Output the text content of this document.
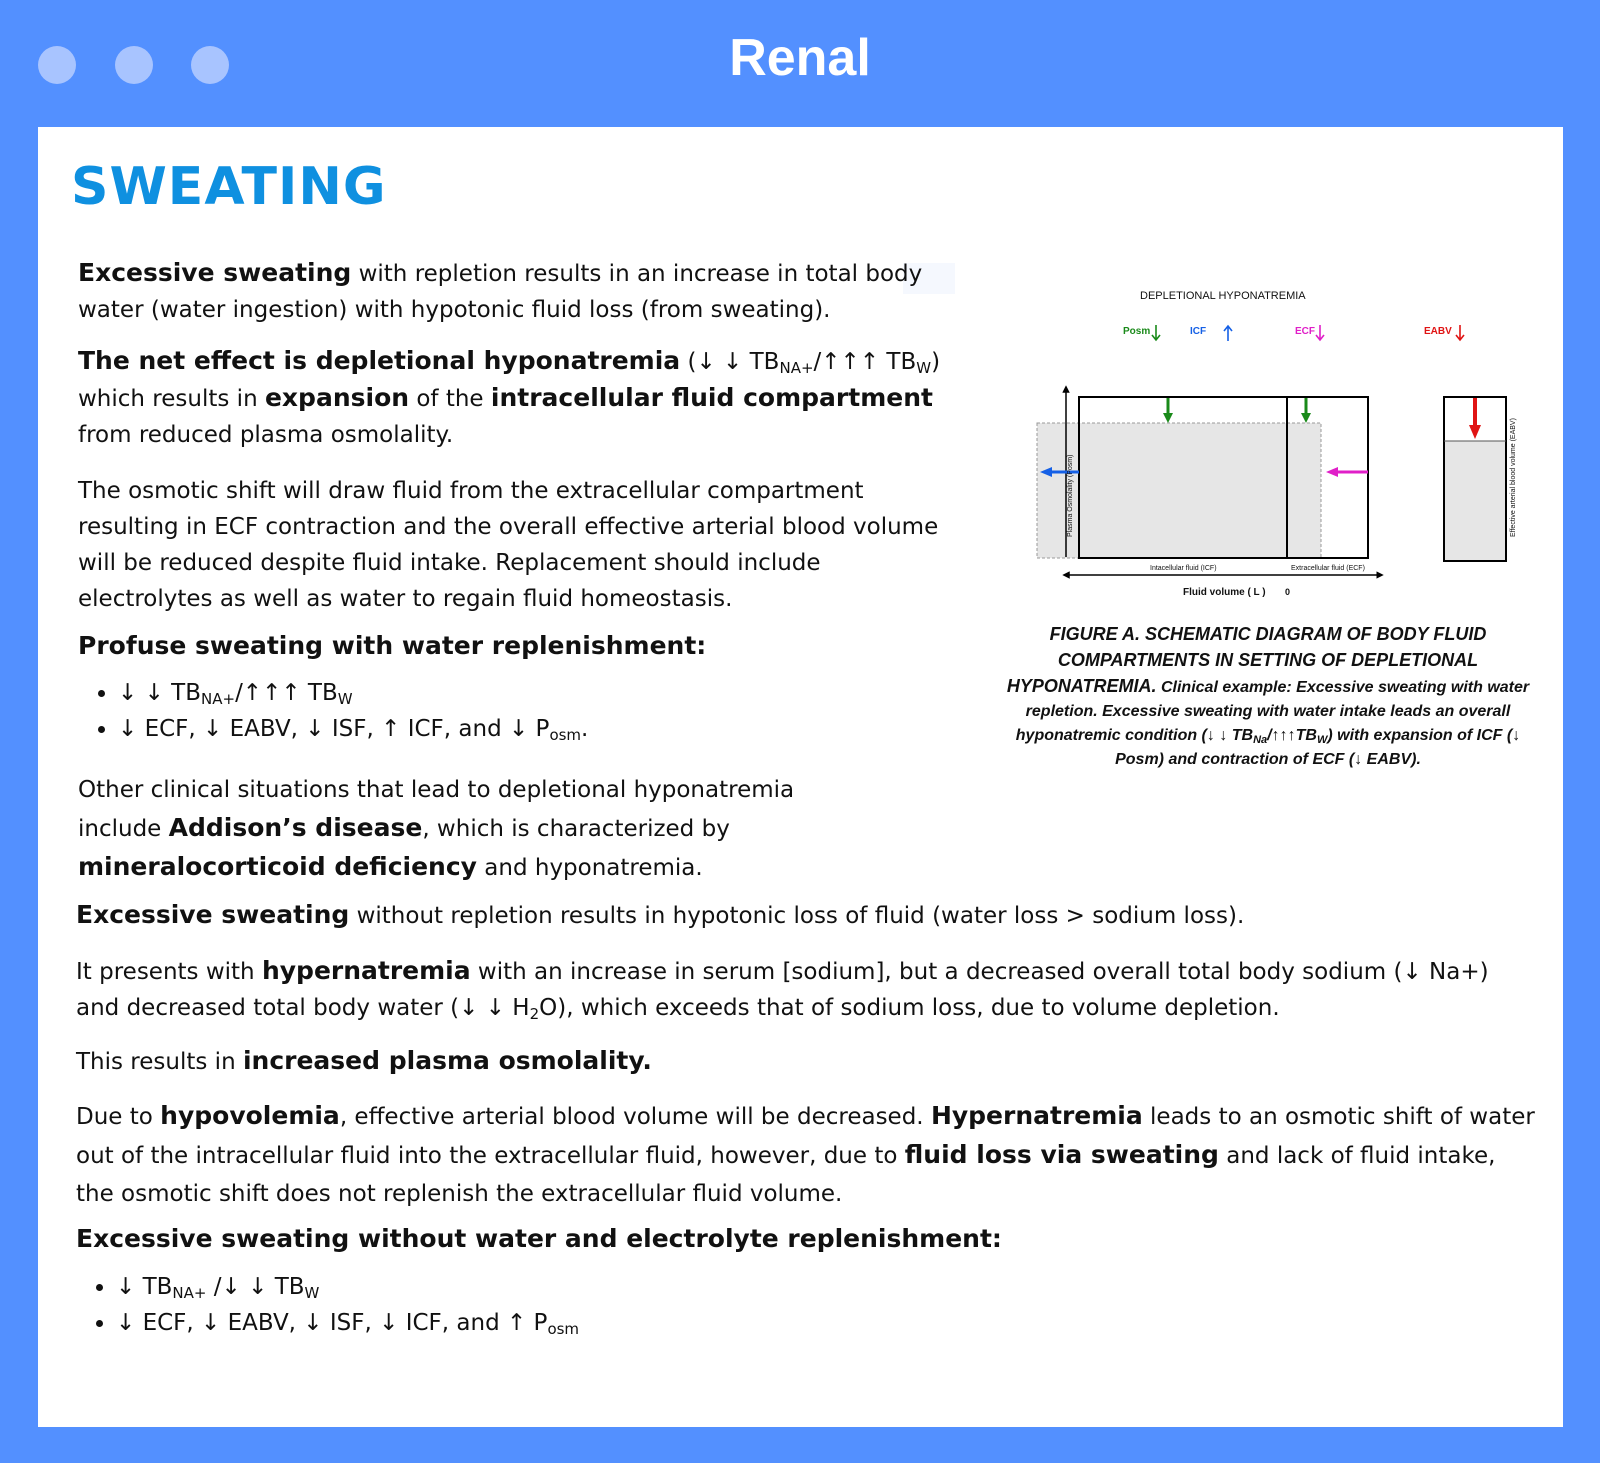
Renal
SWEATING

Excessive sweating with repletion results in an increase in total body water (water ingestion) with hypotonic fluid loss (from sweating).

The net effect is depletional hyponatremia (↓ ↓ $TB_{NA+}/↑↑↑$ $TB_W$) which results in expansion of the intracellular fluid compartment from reduced plasma osmolality.

The osmotic shift will draw fluid from the extracellular compartment resulting in ECF contraction and the overall effective arterial blood volume will be reduced despite fluid intake. Replacement should include electrolytes as well as water to regain fluid homeostasis.

Profuse sweating with water replenishment:
• ↓ ↓ $TB_{NA+}/↑↑↑$ $TB_W$
• ↓ ECF, ↓ EABV, ↓ ISF, ↑ ICF, and ↓ $P_{osm}$.

Other clinical situations that lead to depletional hyponatremia include Addison’s disease, which is characterized by mineralocorticoid deficiency and hyponatremia.

DEPLETIONAL HYPONATREMIA
Posm	ICF	ECF	EABV
Plasma Osmolality (Posm)	Effective arterial blood volume (EABV)
Intacellular fluid (ICF)	Extracellular fluid (ECF)
Fluid volume ( L ) 0

FIGURE A. SCHEMATIC DIAGRAM OF BODY FLUID COMPARTMENTS IN SETTING OF DEPLETIONAL HYPONATREMIA. Clinical example: Excessive sweating with water repletion. Excessive sweating with water intake leads an overall hyponatremic condition (↓ ↓ $TB_{Na}/↑↑↑TB_W$) with expansion of ICF (↓ Posm) and contraction of ECF (↓ EABV).

Excessive sweating without repletion results in hypotonic loss of fluid (water loss > sodium loss).

It presents with hypernatremia with an increase in serum [sodium], but a decreased overall total body sodium (↓ Na+) and decreased total body water (↓ ↓ $H_2O$), which exceeds that of sodium loss, due to volume depletion.

This results in increased plasma osmolality.

Due to hypovolemia, effective arterial blood volume will be decreased. Hypernatremia leads to an osmotic shift of water out of the intracellular fluid into the extracellular fluid, however, due to fluid loss via sweating and lack of fluid intake, the osmotic shift does not replenish the extracellular fluid volume.

Excessive sweating without water and electrolyte replenishment:
• ↓ $TB_{NA+}$ /↓ ↓ $TB_W$
• ↓ ECF, ↓ EABV, ↓ ISF, ↓ ICF, and ↑ $P_{osm}$
